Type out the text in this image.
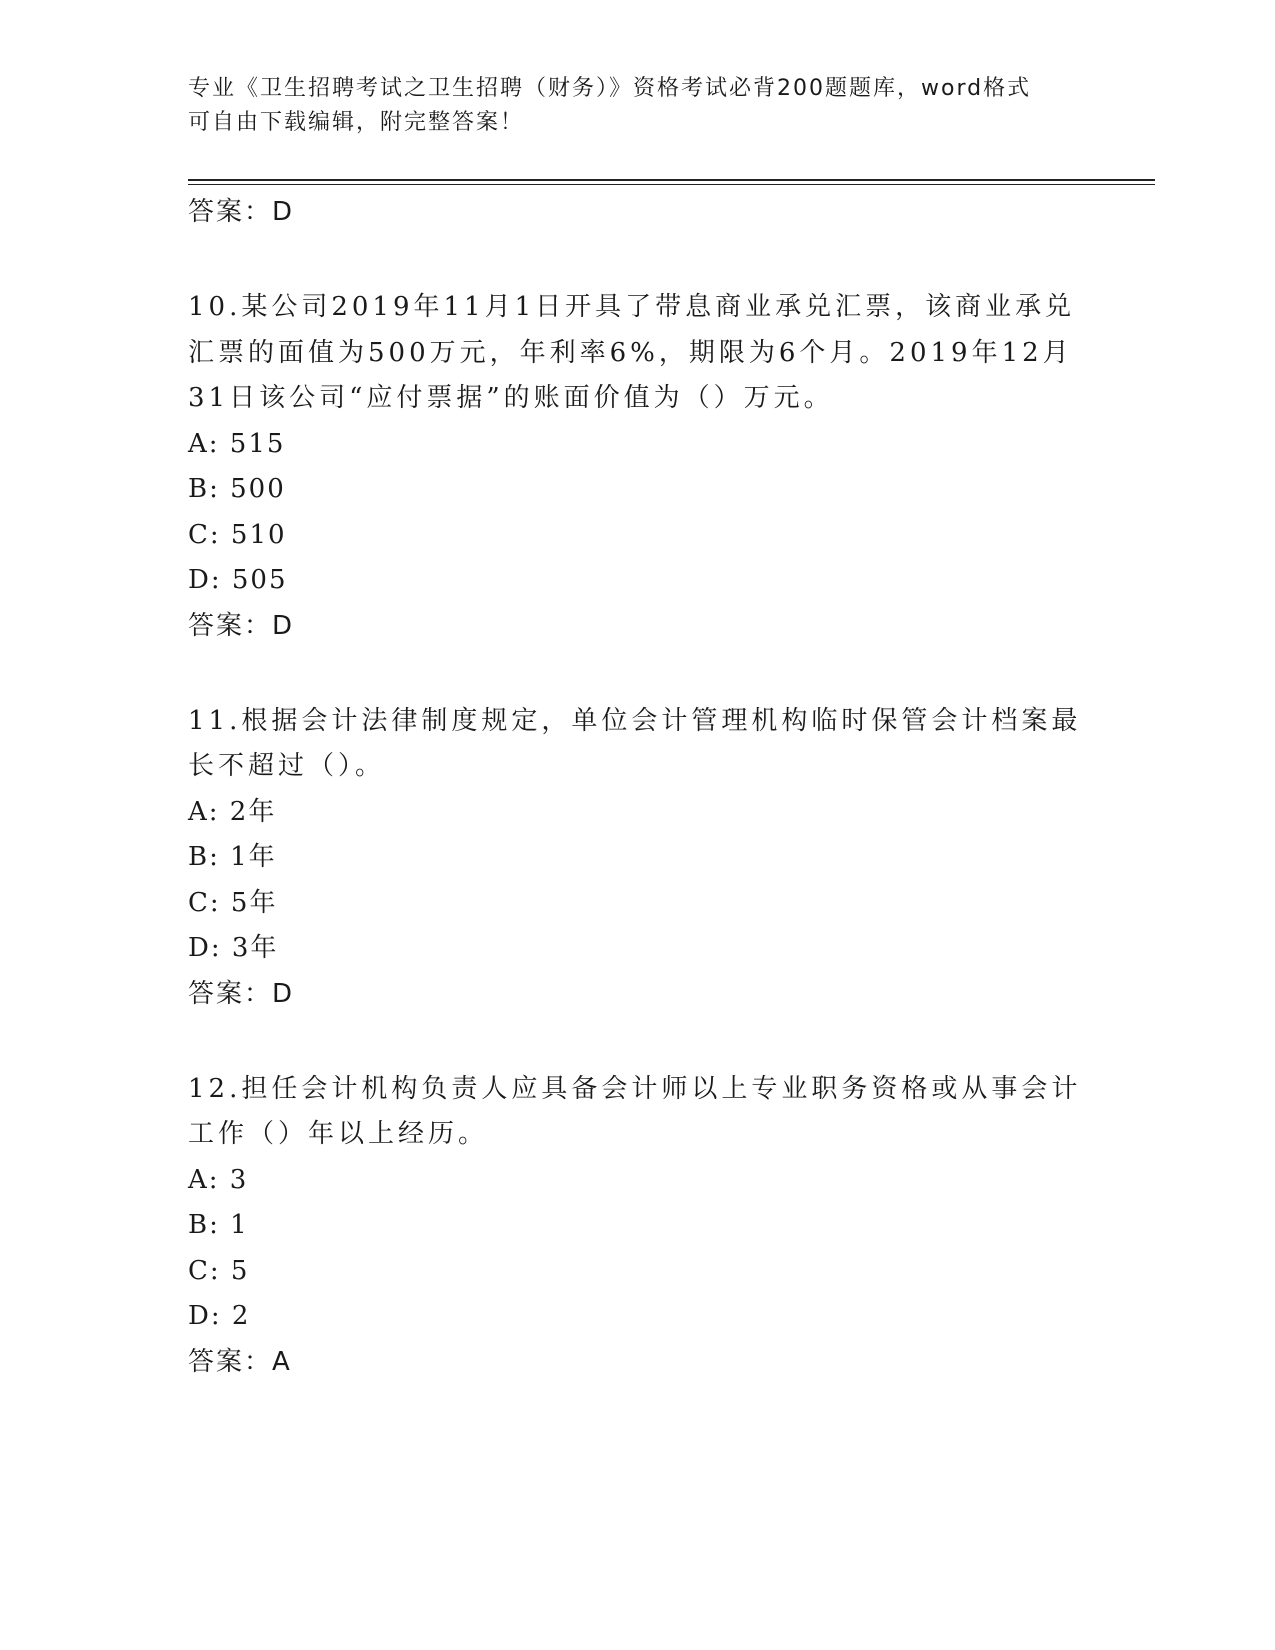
专业《卫生招聘考试之卫生招聘（财务）》资格考试必背200题题库，word格式
可自由下载编辑，附完整答案！
答案：D
10.某公司2019年11月1日开具了带息商业承兑汇票，该商业承兑汇票的面值为500万元，年利率6%，期限为6个月。2019年12月31日该公司“应付票据”的账面价值为（）万元。
A: 515
B: 500
C: 510
D: 505
答案：D
11.根据会计法律制度规定，单位会计管理机构临时保管会计档案最长不超过（）。
A: 2年
B: 1年
C: 5年
D: 3年
答案：D
12.担任会计机构负责人应具备会计师以上专业职务资格或从事会计工作（）年以上经历。
A: 3
B: 1
C: 5
D: 2
答案：A
